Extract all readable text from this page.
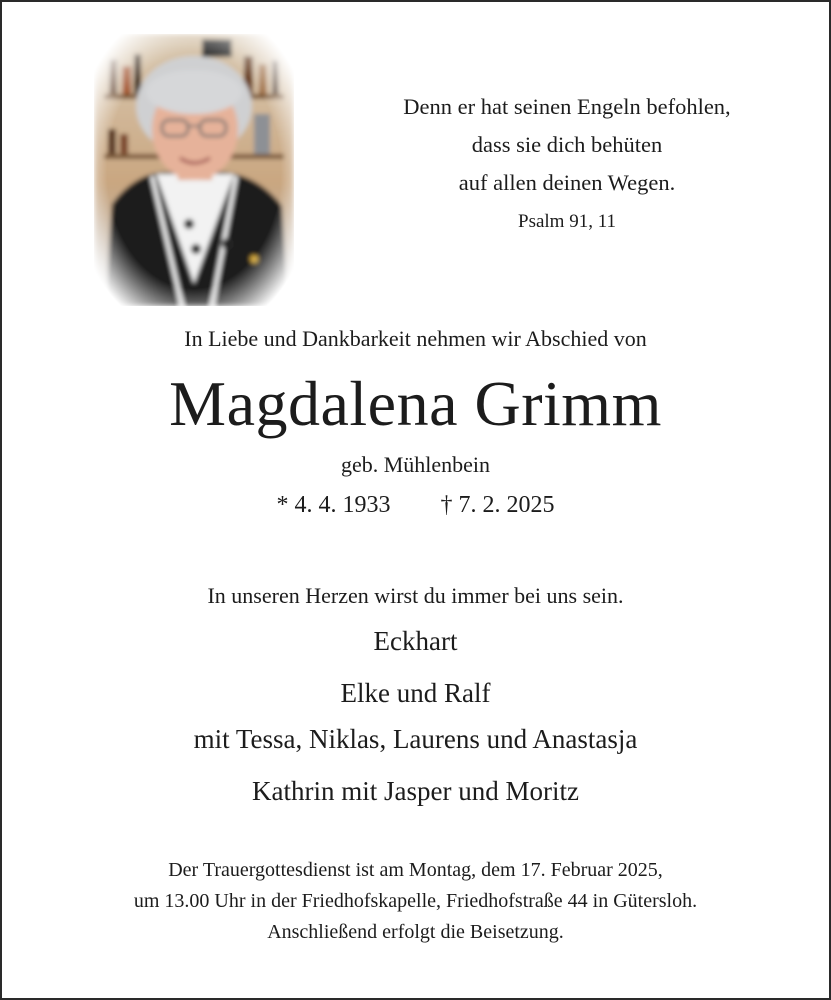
Denn er hat seinen Engeln befohlen,
dass sie dich behüten
auf allen deinen Wegen.
Psalm 91, 11
In Liebe und Dankbarkeit nehmen wir Abschied von
Magdalena Grimm
geb. Mühlenbein
* 4. 4. 1933 † 7. 2. 2025
In unseren Herzen wirst du immer bei uns sein.
Eckhart
Elke und Ralf
mit Tessa, Niklas, Laurens und Anastasja
Kathrin mit Jasper und Moritz
Der Trauergottesdienst ist am Montag, dem 17. Februar 2025,
um 13.00 Uhr in der Friedhofskapelle, Friedhofstraße 44 in Gütersloh.
Anschließend erfolgt die Beisetzung.
